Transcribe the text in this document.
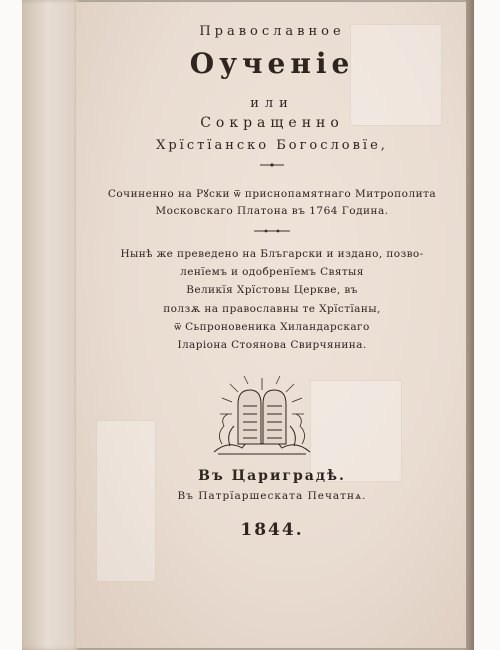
Православное

Оученіе

или

Сокращенно

Хрїстїанско Богословїе,

Сочиненно на Рꙋски ѿ приснопамятнаго Митрополита

Московскаго Платона въ 1764 Година.

Нынѣ же преведено на Блъгарски и издано, позво-

ленїемъ и одобренїемъ Святыя

Великїя Хрїстовы Церкве, въ

ползѫ на православны те Хрїстїаны,

ѿ Сьпроновеника Хиландарскаго

Іларіона Стоянова Свирчянина.

Въ Цариградѣ.

Въ Патрїаршеската Печатнѧ.

1844.
